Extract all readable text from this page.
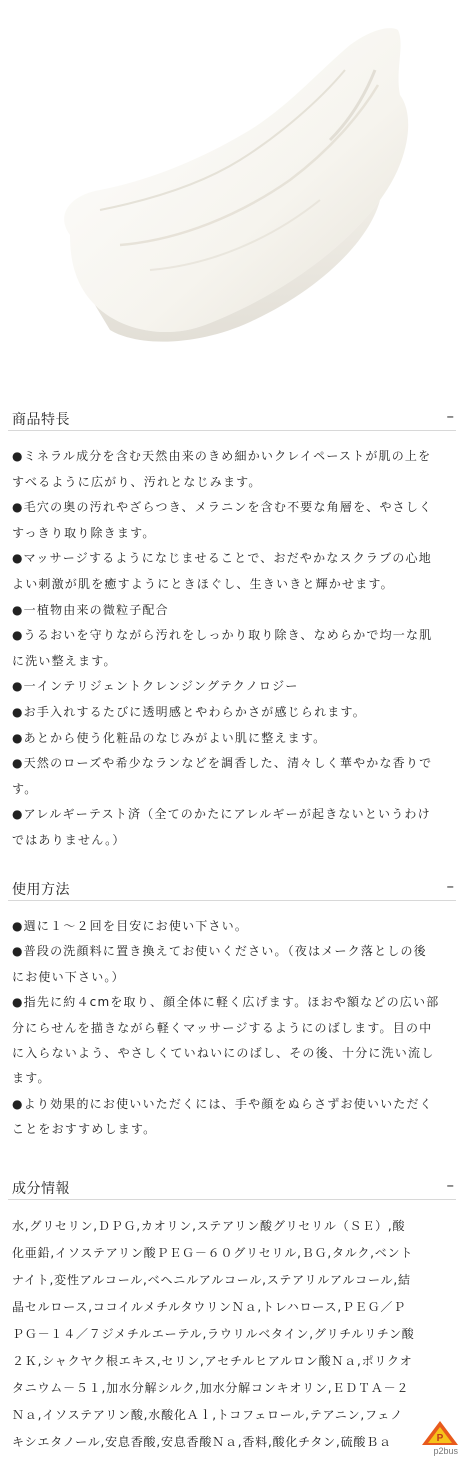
商品特長	–
●ミネラル成分を含む天然由来のきめ細かいクレイペーストが肌の上を
すべるように広がり、汚れとなじみます。
●毛穴の奥の汚れやざらつき、メラニンを含む不要な角層を、やさしく
すっきり取り除きます。
●マッサージするようになじませることで、おだやかなスクラブの心地
よい刺激が肌を癒すようにときほぐし、生きいきと輝かせます。
●一植物由来の微粒子配合
●うるおいを守りながら汚れをしっかり取り除き、なめらかで均一な肌
に洗い整えます。
●一インテリジェントクレンジングテクノロジー
●お手入れするたびに透明感とやわらかさが感じられます。
●あとから使う化粧品のなじみがよい肌に整えます。
●天然のローズや希少なランなどを調香した、清々しく華やかな香りで
す。
●アレルギーテスト済（全てのかたにアレルギーが起きないというわけ
ではありません。）
使用方法	–
●週に１～２回を目安にお使い下さい。
●普段の洗顔料に置き換えてお使いください。（夜はメーク落としの後
にお使い下さい。）
●指先に約４cmを取り、顔全体に軽く広げます。ほおや額などの広い部
分にらせんを描きながら軽くマッサージするようにのばします。目の中
に入らないよう、やさしくていねいにのばし、その後、十分に洗い流し
ます。
●より効果的にお使いいただくには、手や顔をぬらさずお使いいただく
ことをおすすめします。
成分情報	–
水,グリセリン,ＤＰＧ,カオリン,ステアリン酸グリセリル（ＳＥ）,酸
化亜鉛,イソステアリン酸ＰＥＧ－６０グリセリル,ＢＧ,タルク,ベント
ナイト,変性アルコール,ベヘニルアルコール,ステアリルアルコール,結
晶セルロース,ココイルメチルタウリンＮａ,トレハロース,ＰＥＧ／Ｐ
ＰＧ－１４／７ジメチルエーテル,ラウリルベタイン,グリチルリチン酸
２Ｋ,シャクヤク根エキス,セリン,アセチルヒアルロン酸Ｎａ,ポリクオ
タニウム－５１,加水分解シルク,加水分解コンキオリン,ＥＤＴＡ－２
Ｎａ,イソステアリン酸,水酸化Ａｌ,トコフェロール,テアニン,フェノ
キシエタノール,安息香酸,安息香酸Ｎａ,香料,酸化チタン,硫酸Ｂａ	P
p2bus
